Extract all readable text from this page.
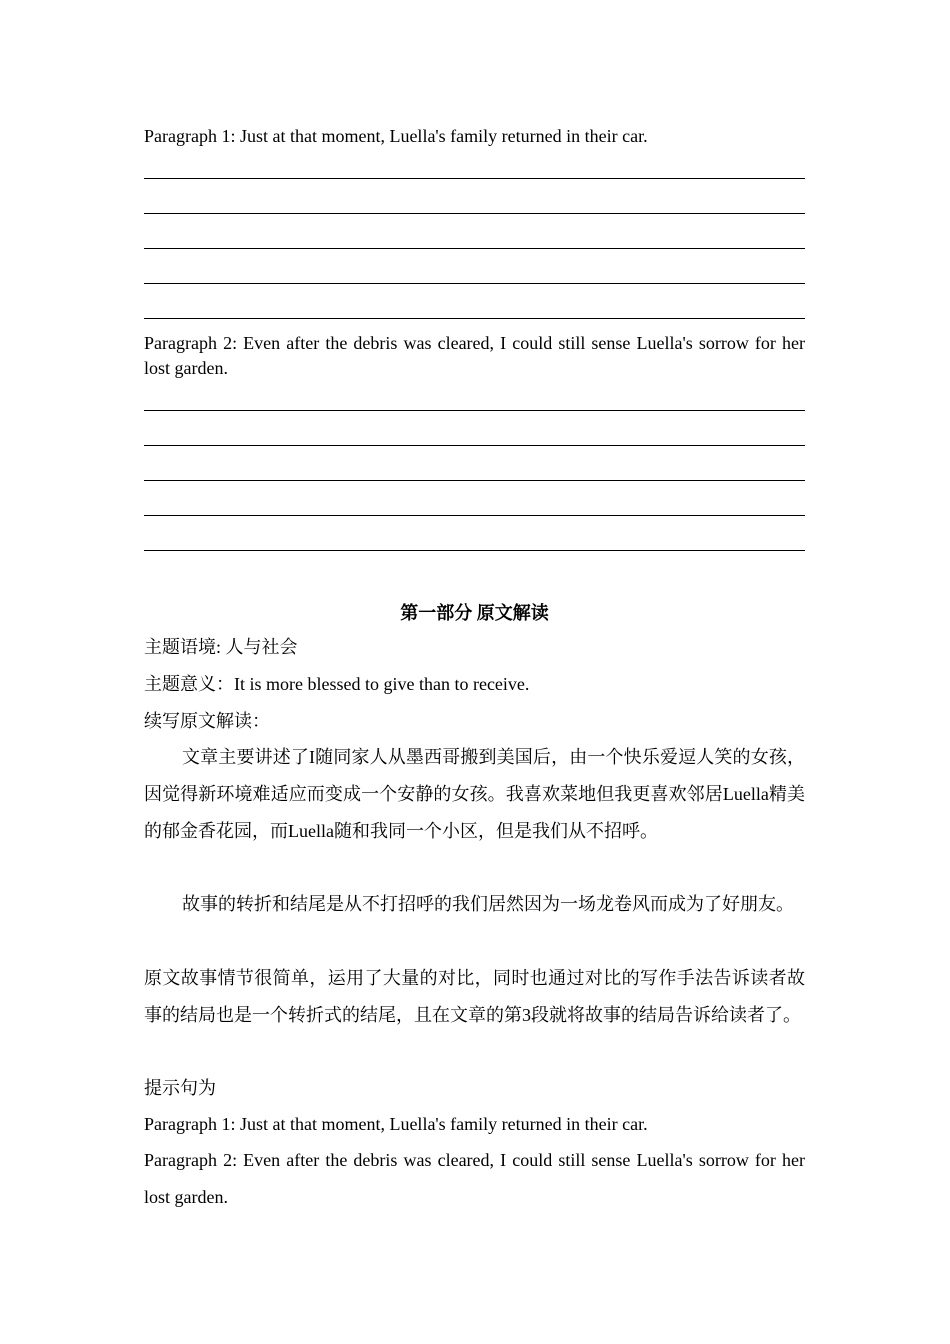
Paragraph 1: Just at that moment, Luella's family returned in their car.
Paragraph 2: Even after the debris was cleared, I could still sense Luella's sorrow for her lost garden.
第一部分 原文解读
主题语境: 人与社会
主题意义：It is more blessed to give than to receive.
续写原文解读：
文章主要讲述了I随同家人从墨西哥搬到美国后，由一个快乐爱逗人笑的女孩，因觉得新环境难适应而变成一个安静的女孩。我喜欢菜地但我更喜欢邻居Luella精美的郁金香花园，而Luella随和我同一个小区，但是我们从不招呼。
故事的转折和结尾是从不打招呼的我们居然因为一场龙卷风而成为了好朋友。
原文故事情节很简单，运用了大量的对比，同时也通过对比的写作手法告诉读者故事的结局也是一个转折式的结尾，且在文章的第3段就将故事的结局告诉给读者了。
提示句为
Paragraph 1: Just at that moment, Luella's family returned in their car.
Paragraph 2: Even after the debris was cleared, I could still sense Luella's sorrow for her lost garden.
